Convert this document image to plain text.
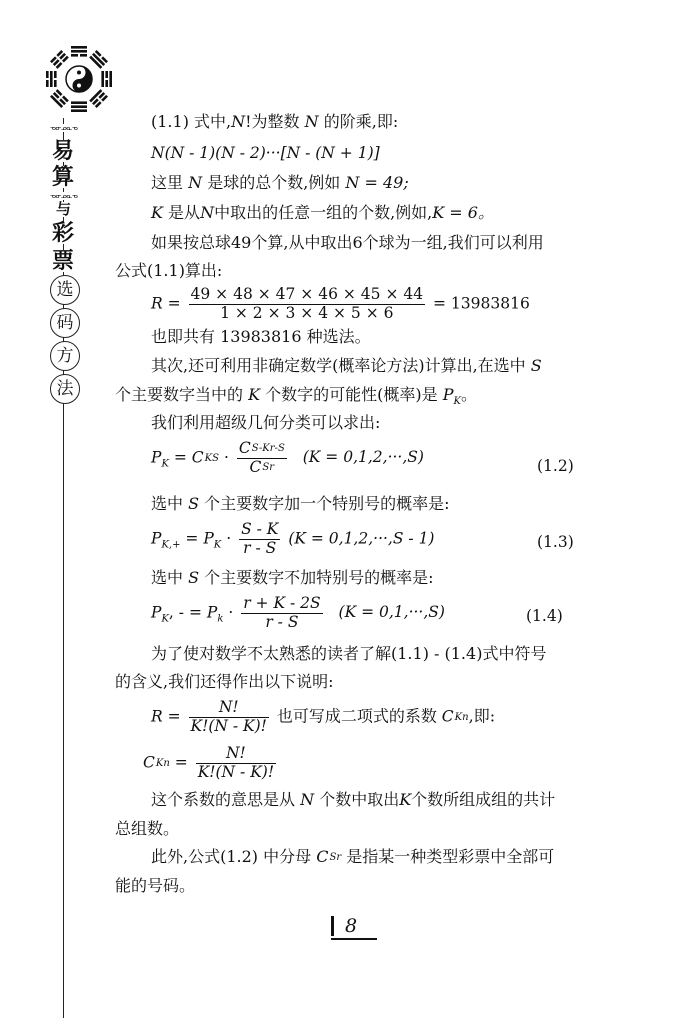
ᓀᓂᓄᓇᓀ
易
算
ᓀᓂᓄᓇᓀ
与
彩
票
选
码
方
法
(1.1) 式中,N!为整数 N 的阶乘,即:
N(N - 1)(N - 2)···[N - (N + 1)]
这里 N 是球的总个数,例如 N = 49;
K 是从N中取出的任意一组的个数,例如,K = 6。
如果按总球49个算,从中取出6个球为一组,我们可以利用
公式(1.1)算出:
$R = \frac{49 \times 48 \times 47 \times 46 \times 45 \times 44}{1 \times 2 \times 3 \times 4 \times 5 \times 6} = 13983816$
也即共有 13983816 种选法。
其次,还可利用非确定数学(概率论方法)计算出,在选中 S
个主要数字当中的 K 个数字的可能性(概率)是 $P_K$。
我们利用超级几何分类可以求出:
$P_K$ = CKS · $\frac{CS-Kr-S}{\text{CSr}} (K = 0,1,2,\cdot\cdot\cdot,S)$	(1.2)
选中 S 个主要数字加一个特别号的概率是:
$P_{K,+} = P_K \cdot \frac{S - K}{r - S} (K = 0,1,2,\cdot\cdot\cdot,S - 1)$	(1.3)
选中 S 个主要数字不加特别号的概率是:
$P_K$, - = $P_k \cdot \frac{r + K - 2S}{r - S} (K = 0,1,\cdot\cdot\cdot,S)$	(1.4)
为了使对数学不太熟悉的读者了解(1.1) - (1.4)式中符号
的含义,我们还得作出以下说明:
$R = \frac{N!}{K!(N - K)!}$ 也可写成二项式的系数 CKn,即:
CKn = $\frac{N!}{K!(N - K)!}$
这个系数的意思是从 N 个数中取出K个数所组成组的共计
总组数。
此外,公式(1.2) 中分母 CSr 是指某一种类型彩票中全部可
能的号码。
8
